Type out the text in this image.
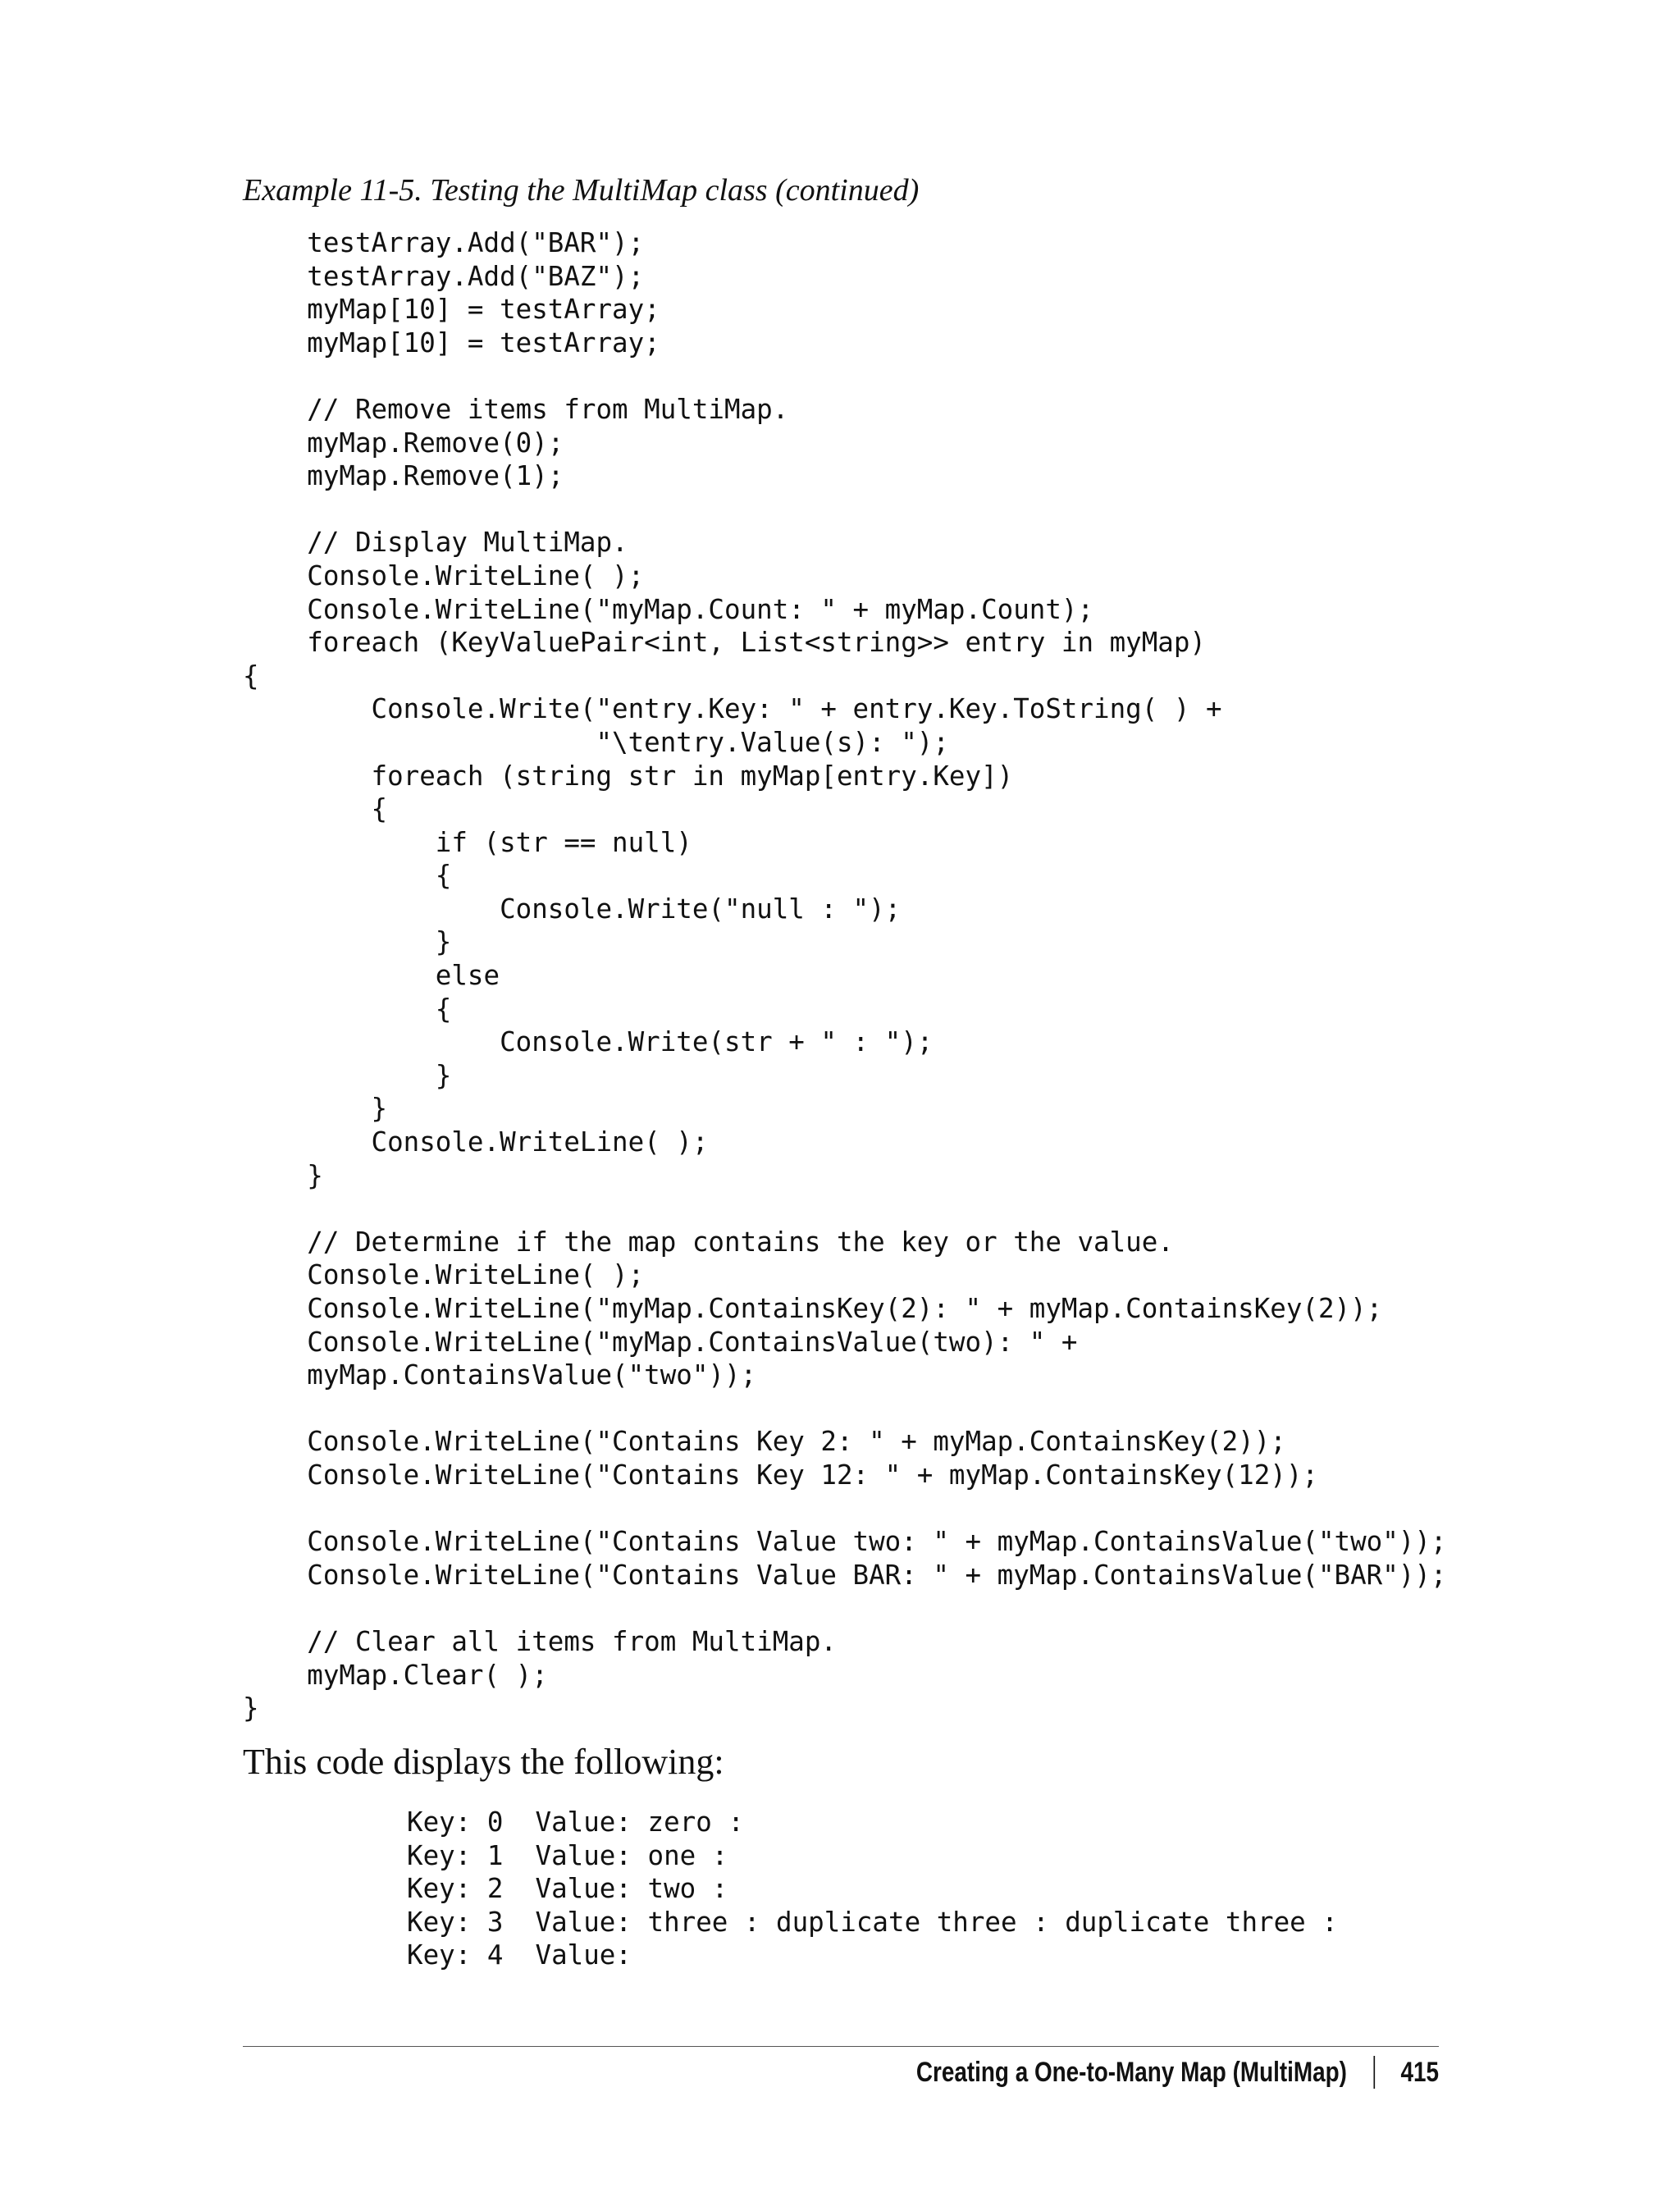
Example 11-5. Testing the MultiMap class (continued)
testArray.Add("BAR");
testArray.Add("BAZ");
myMap[10] = testArray;
myMap[10] = testArray;

// Remove items from MultiMap.
myMap.Remove(0);
myMap.Remove(1);

// Display MultiMap.
Console.WriteLine( );
Console.WriteLine("myMap.Count: " + myMap.Count);
foreach (KeyValuePair<int, List<string>> entry in myMap)
{
Console.Write("entry.Key: " + entry.Key.ToString( ) +
"\tentry.Value(s): ");
foreach (string str in myMap[entry.Key])
{
if (str == null)
{
Console.Write("null : ");
}
else
{
Console.Write(str + " : ");
}
}
Console.WriteLine( );
}

// Determine if the map contains the key or the value.
Console.WriteLine( );
Console.WriteLine("myMap.ContainsKey(2): " + myMap.ContainsKey(2));
Console.WriteLine("myMap.ContainsValue(two): " +
myMap.ContainsValue("two"));

Console.WriteLine("Contains Key 2: " + myMap.ContainsKey(2));
Console.WriteLine("Contains Key 12: " + myMap.ContainsKey(12));

Console.WriteLine("Contains Value two: " + myMap.ContainsValue("two"));
Console.WriteLine("Contains Value BAR: " + myMap.ContainsValue("BAR"));

// Clear all items from MultiMap.
myMap.Clear( );
}

This code displays the following:

Key: 0  Value: zero :
Key: 1  Value: one :
Key: 2  Value: two :
Key: 3  Value: three : duplicate three : duplicate three :
Key: 4  Value:
Creating a One-to-Many Map (MultiMap) 415
